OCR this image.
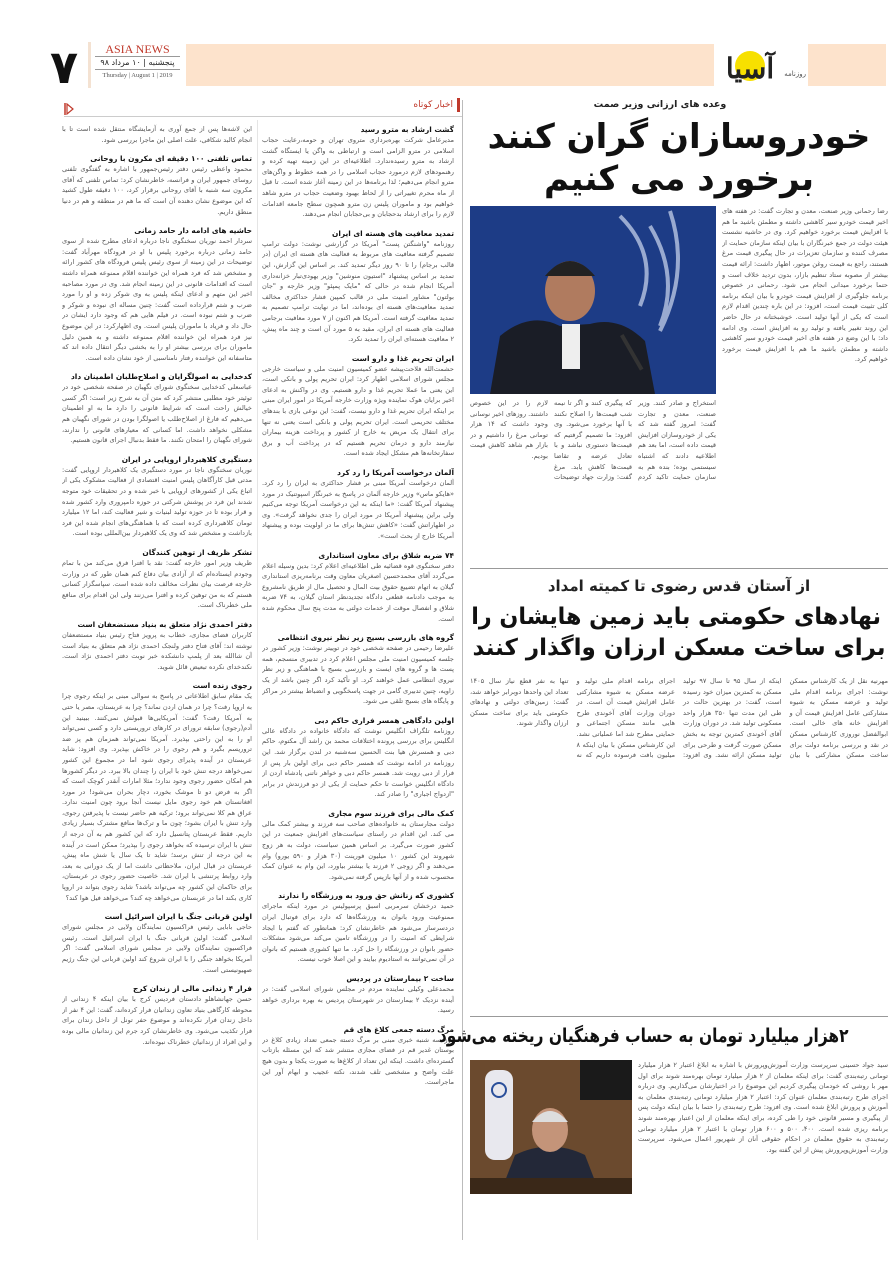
۷	ASIA NEWS
پنجشنبه | ۱۰ مرداد ۹۸
Thursday | August 1 | 2019	آسیا	روزنامه
اخبار کوتاه
گشت ارشاد به مترو رسید

مدیرعامل شرکت بهره‌برداری متروی تهران و حومه،رعایت حجاب اسلامی در مترو الزامی است و ارتباطی به واگن یا ایستگاه گشت ارشاد به مترو رسیده‌ندارد. اطلاعیه‌ای در این زمینه تهیه کرده و رهنمودهای لازم درمورد حجاب اسلامی را در همه خطوط و واگن‌های مترو انجام می‌دهیم؛ لذا برنامه‌ها در این زمینه آغاز شده است. تا قبل از ماه محرم تغییراتی را از لحاظ بهبود وضعیت حجاب در مترو شاهد خواهیم بود و ماموران پلیس زن مترو همچون سطح جامعه اقدامات لازم را برای ارشاد بدحجابان و بی‌حجابان انجام می‌دهند.

تمدید معافیت های هسته ای ایران

روزنامه "واشنگتن پست" آمریکا در گزارشی نوشت: دولت ترامپ تصمیم گرفته معافیت های مربوط به فعالیت های هسته ای ایران (در قالب برجام) را تا ۹۰ روز دیگر تمدید کند. بر اساس این گزارش، این تمدید بر اساس پیشنهاد "استیون منوشین" وزیر یهودی‌تبار خزانه‌داری آمریکا انجام شده در حالی که "مایک پمپئو" وزیر خارجه و "جان بولتون" مشاور امنیت ملی در قالب کمپین فشار حداکثری مخالف تمدید معافیت‌های هسته ای بوده‌اند، اما در نهایت ترامپ تصمیم به تمدید معافیت گرفته است. آمریکا هم اکنون از ۷ مورد معافیت برجامی فعالیت های هسته ای ایران، مقید به ۵ مورد آن است و چند ماه پیش، ۲ معافیت هسته‌ای ایران را تمدید نکرد.

ایران تحریم غذا و دارو است

حشمت‌الله فلاحت‌پیشه عضو کمیسیون امنیت ملی و سیاست خارجی مجلس شورای اسلامی اظهار کرد: ایران تحریم پولی و بانکی است، این یعنی ما عملا تحریم غذا و دارو هستیم. وی در واکنش به ادعای اخیر برایان هوک نماینده ویژه وزارت خارجه آمریکا در امور ایران مبنی بر اینکه ایران تحریم غذا و دارو نیست، گفت: این نوعی بازی با بندهای مختلف تحریمی است. ایران تحریم پولی و بانکی است یعنی نه تنها برای انتقال یک مریض به خارج از کشور و پرداخت هزینه بیماران نیازمند دارو و درمان تحریم هستیم که در پرداخت آب و برق سفارتخانه‌ها هم مشکل ایجاد شده است.

آلمان درخواست آمریکا را رد کرد

آلمان درخواست آمریکا مبنی بر فشار حداکثری به ایران را رد کرد. «هایکو ماس» وزیر خارجه آلمان در پاسخ به خبرنگار اسپوتنیک در مورد پیشنهاد آمریکا گفت: «ما اینکه به این درخواست آمریکا توجه می‌کنیم ولی براین پیشنهاد آمریکا در مورد ایران را جدی نخواهد گرفت». وی در اظهاراتش گفت: «کاهش تنش‌ها برای ما در اولویت بوده و پیشنهاد آمریکا خارج از بحث است».

۷۴ ضربه شلاق برای معاون استانداری

دفتر سخنگوی قوه قضائیه طی اطلاعیه‌ای اعلام کرد: بدین وسیله اعلام می‌گردد آقای محمدحسین اصغریان معاون وقت برنامه‌ریزی استانداری گیلان به اتهام تضییع حقوق بیت المال و تحصیل مال از طریق نامشروع به موجب دادنامه قطعی دادگاه تجدیدنظر استان گیلان، به ۷۴ ضربه شلاق و انفصال موقت از خدمات دولتی به مدت پنج سال محکوم شده است.

گروه های بازرسی بسیج زیر نظر نیروی انتظامی

علیرضا رحیمی در صفحه شخصی خود در توییتر نوشت: وزیر کشور در جلسه کمیسیون امنیت ملی مجلس اعلام کرد در تدبیری منسجم، همه پست ها و گروه های ایست و بازرسی بسیج با هماهنگی و زیر نظر نیروی انتظامی عمل خواهند کرد. او تأکید کرد اگر چنین باشد از یک زاویه، چنین تدبیری گامی در جهت پاسخگویی و انضباط بیشتر در مراکز و پایگاه های بسیج تلقی می شود.

اولین دادگاهی همسر فراری حاکم دبی

روزنامه تلگراف انگلیس نوشت که دادگاه خانواده در دادگاه عالی انگلیس برای بررسی پرونده اختلافات محمد بن راشد آل مکتوم، حاکم دبی و همسرش هیا بنت الحسین سه‌شنبه در لندن برگزار شد. این روزنامه در ادامه نوشت که همسر حاکم دبی برای اولین بار پس از فرار از دبی رویت شد. همسر حاکم دبی و خواهر ناتنی پادشاه اردن از دادگاه انگلیس خواست تا حکم حمایت از یکی از دو فرزندش در برابر "ازدواج اجباری" را صادر کند.

کمک مالی برای فرزند سوم مجاری

دولت مجارستان به خانواده‌های صاحب سه فرزند و بیشتر کمک مالی می کند. این اقدام در راستای سیاست‌های افزایش جمعیت در این کشور صورت می‌گیرد. بر اساس همین سیاست، دولت به هر زوج شهروند این کشور ۱۰ میلیون فورینت (۳۰ هزار و ۵۹۰ یورو) وام می‌دهند و اگر زوجی ۲ فرزند یا بیشتر بیاورد، این وام به عنوان کمک محسوب شده و از آنها بازپس گرفته نمی‌شود.

کشوری که زنانش حق ورود به ورزشگاه را ندارند

حمید درخشان سرمربی اسبق پرسپولیس در مورد اینکه ماجرای ممنوعیت ورود بانوان به ورزشگاه‌ها که دارد برای فوتبال ایران دردسرساز می‌شود هم خاطرنشان کرد: همانطور که گفتم با ایجاد شرایطی که امنیت را در ورزشگاه تامین می‌کند می‌شود مشکلات حضور بانوان در ورزشگاه را حل کرد. ما تنها کشوری هستیم که بانوان در آن نمی‌توانند به استادیوم بیایند و این اصلا خوب نیست.

ساخت ۲ بیمارستان در پردیس

محمدعلی وکیلی نماینده مردم در مجلس شورای اسلامی گفت: در آینده نزدیک ۲ بیمارستان در شهرستان پردیس به بهره برداری خواهد رسید.

مرگ دسته جمعی کلاغ های قم

روز سه شنبه خبری مبنی بر مرگ دسته جمعی تعداد زیادی کلاغ در بوستان غدیر قم در فضای مجازی منتشر شد که این مسئله بازتاب گسترده‌ای داشت. اینکه این تعداد از کلاغ‌ها به صورت یکجا و بدون هیچ علت واضح و مشخصی تلف شدند، نکته عجیب و ابهام آور این ماجراست.

این لاشه‌ها پس از جمع آوری به آزمایشگاه منتقل شده است تا با انجام کالبد شکافی، علت اصلی این ماجرا بررسی شود.

تماس تلفنی ۱۰۰ دقیقه ای مکرون با روحانی

محمود واعظی رئیس دفتر رئیس‌جمهور با اشاره به گفتگوی تلفنی روسای جمهور ایران و فرانسه، خاطرنشان کرد: تماس تلفنی که آقای مکرون سه شنبه با آقای روحانی برقرار کرد، ۱۰۰ دقیقه طول کشید که این موضوع نشان دهنده آن است که ما هم در منطقه و هم در دنیا منطق داریم.

حاشیه های ادامه دار حامد زمانی

سردار احمد نوریان سخنگوی ناجا درباره ادعای مطرح شده از سوی حامد زمانی درباره برخورد پلیس با او در فرودگاه مهرآباد گفت: توضیحات در این زمینه از سوی رئیس پلیس فرودگاه های کشور ارائه و مشخص شد که فرد همراه این خواننده اقلام ممنوعه همراه داشته است که اقدامات قانونی در این زمینه انجام شد. وی در مورد مصاحبه اخیر این متهم و ادعای اینکه پلیس به وی شوکر زده و او را مورد ضرب و شتم قرارداده است گفت: چنین مساله ای نبوده و شوکر و ضرب و شتم نبوده است. در فیلم هایی هم که وجود دارد ایشان در حال داد و فریاد با ماموران پلیس است. وی اظهارکرد: در این موضوع نیز فرد همراه این خواننده اقلام ممنوعه داشته و به همین دلیل ماموران برای بررسی بیشتر او را به بخشی دیگر انتقال داده اند که متاسفانه این خواننده رفتار نامناسبی از خود نشان داده است.

کدخدایی به اصولگرایان و اصلاح‌طلبان اطمینان داد

عباسعلی کدخدایی سخنگوی شورای نگهبان در صفحه شخصی خود در توئیتر خود مطلبی منتشر کرد که متن آن به شرح زیر است: اگر کسی خیالش راحت است که شرایط قانونی را دارد ما به او اطمینان می‌دهیم که فارغ از اصلاح‌طلب یا اصولگرا بودن در شورای نگهبان هم مشکلی نخواهد داشت. اما کسانی که معیارهای قانونی را ندارند، شورای نگهبان را امتحان نکنند. ما فقط بدنبال اجرای قانون هستیم.

دستگیری کلاهبردار اروپایی در ایران

نوریان سخنگوی ناجا در مورد دستگیری یک کلاهبردار اروپایی گفت: مدتی قبل کارآگاهان پلیس امنیت اقتصادی از فعالیت مشکوک یکی از اتباع یکی از کشورهای اروپایی با خبر شده و در تحقیقات خود متوجه شدند این فرد در پوشش شرکتی در حوزه دامپروری وارد کشور شده و قرار بوده تا در حوزه تولید لبنیات و شیر فعالیت کند، اما ۱۲ میلیارد تومان کلاهبرداری کرده است که با هماهنگی‌های انجام شده این فرد بازداشت و مشخص شد که وی یک کلاهبردار بین‌المللی بوده است.

تشکر ظریف از توهین کنندگان

ظریف وزیر امور خارجه گفت: نقد با افترا فرق می‌کند من با تمام وجودم ایستاده‌ام که از آزادی بیان دفاع کنم همان طور که در وزارت خارجه فرصت بیان نظرات مخالف داده شده است. سپاسگزار کسانی هستم که به من توهین کرده و افترا می‌زنند ولی این اقدام برای منافع ملی خطرناک است.

دفتر احمدی نژاد متعلق به بنیاد مستضعفان است

کاربران فضای مجازی، خطاب به پرویز فتاح رئیس بنیاد مستضعفان نوشته اند: آقای فتاح دفتر ولنجک احمدی نژاد هم متعلق به بنیاد است آن شاالله بعد از پلمپ دانشکده خبر نوبت دفتر احمدی نژاد است. نکندخدای نکرده تبعیض قائل شوید.

رجوی زنده است

یک مقام سابق اطلاعاتی در پاسخ به سوالی مبنی بر اینکه رجوی چرا به اروپا رفت؟ چرا در همان اردن نماند؟ چرا به عربستان، مصر یا حتی به آمریکا رفت؟ گفت: آمریکایی‌ها قبولش نمی‌کنند. ببینید این آدم(رجوی) سابقه ترورای در کارهای تروریستی دارد و کسی نمی‌تواند او را به این راحتی بپذیرد. آمریکا نمی‌تواند همزمان هم پز ضد تروریسم بگیرد و هم رجوی را در خاکش بپذیرد. وی افزود: شاید عربستان در آینده پذیرای رجوی شود اما در مجموع این کشور نمی‌خواهد درجه تنش خود با ایران را چندان بالا ببرد. در دیگر کشورها هم امکان حضور رجوی وجود ندارد؛ مثلا امارات آنقدر کوچک است که اگر به فرض دو تا موشک بخورد، دچار بحران می‌شود! در مورد افغانستان هم خود رجوی مایل نیست آنجا برود چون امنیت ندارد. عراق هم کلا نمی‌تواند برود؛ ترکیه هم حاضر نیست با پذیرفتن رجوی، وارد تنش با ایران بشود؛ چون ما و ترک‌ها منافع مشترک بسیار زیادی داریم. فقط عربستان پتانسیل دارد که این کشور هم به آن درجه از تنش با ایران نرسیده که بخواهد رجوی را بپذیرد؛ ممکن است در آینده به این درجه از تنش برسد؛ شاید تا یک سال یا شش ماه پیش، عربستان در قبال ایران، ملاحظاتی داشت اما از یک دورانی به بعد، وارد روابط پرتنشی با ایران شد. خاصیت حضور رجوی در عربستان، برای حاکمان این کشور چه می‌تواند باشد؟ شاید رجوی بتواند در اروپا کاری بکند اما در عربستان می‌خواهد چه کند؟ می‌خواهد فیل هوا کند؟

اولین قربانی جنگ با ایران اسرائیل است

حاجی بابایی رئیس فراکسیون نمایندگان ولایی در مجلس شورای اسلامی گفت: اولین قربانی جنگ با ایران اسرائیل است. رئیس فراکسیون نمایندگان ولایی در مجلس شورای اسلامی گفت: اگر آمریکا بخواهد جنگی را با ایران شروع کند اولین قربانی این جنگ رژیم صهیونیستی است.

فرار ۴ زندانی مالی از زندان کرج

حسن جهانشاهلو دادستان فردیس کرج با بیان اینکه ۴ زندانی از محوطه کارگاهی بنیاد تعاون زندانیان فرار کرده‌اند، گفت: این ۴ نفر از داخل زندان فرار نکرده‌اند و موضوع حفر تونل از داخل زندان برای فرار تکذیب می‌شود. وی خاطرنشان کرد جرم این زندانیان مالی بوده و این افراد از زندانیان خطرناک نبوده‌اند.

وعده های ارزانی وزیر صمت
خودروسازان گران کنند
برخورد می کنیم
رضا رحمانی وزیر صنعت، معدن و تجارت گفت: در هفته های اخیر قیمت خودرو سیر کاهشی داشته و مطمئن باشید ما هم با افزایش قیمت برخورد خواهیم کرد. وی در حاشیه نشست هیئت دولت در جمع خبرنگاران با بیان اینکه سازمان حمایت از مصرف کننده و سازمان تعزیرات در حال پیگیری قیمت مرغ هستند، راجع به قیمت روغن موتور، اظهار داشت: ارائه قیمت بیشتر از مصوبه ستاد تنظیم بازار، بدون تردید خلاف است و حتما برخورد میدانی انجام می شود. رحمانی در خصوص برنامه جلوگیری از افزایش قیمت خودرو با بیان اینکه برنامه کلی تثبیت قیمت است، افزود: در این باره چندین اقدام لازم است که یکی از آنها تولید است. خوشبختانه در حال حاضر این روند تغییر یافته و تولید رو به افزایش است. وی ادامه داد: با این وضع در هفته های اخیر قیمت خودرو سیر کاهشی داشته و مطمئن باشید ما هم با افزایش قیمت برخورد خواهیم کرد.
استخراج و صادر کنند. وزیر صنعت، معدن و تجارت گفت: امروز گفته شد که یکی از خودروسازان افزایش قیمت داده است، اما بعد هم اطلاعیه دادند که اشتباه سیستمی بوده؛ بنده هم به سازمان حمایت تاکید کردم که پیگیری کنند و اگر تا نیمه شب قیمت‌ها را اصلاح نکنند با آنها برخورد می‌شود. وی افزود: ما تصمیم گرفتیم که قیمت‌ها دستوری نباشد و با تعادل عرضه و تقاضا قیمت‌ها کاهش یابد. مرغ گفت: وزارت جهاد توضیحات لازم را در این خصوص داشتند. روزهای اخیر نوسانی وجود داشت که ۱۴ هزار تومانی مرغ را داشتیم و در بازار هم شاهد کاهش قیمت بودیم.
از آستان قدس رضوی تا کمیته امداد
نهادهای حکومتی باید زمین هایشان را
برای ساخت مسکن ارزان واگذار کنند
مهرنیه نقل از یک کارشناس مسکن نوشت: اجرای برنامه اقدام ملی تولید و عرضه مسکن به شیوه مشارکتی عامل افزایش قیمت آن و افزایش خانه های خالی است. ابوالفضل نوروزی کارشناس مسکن در نقد و بررسی برنامه دولت برای ساخت مسکن مشارکتی با بیان اینکه از سال ۹۵ تا سال ۹۷ تولید مسکن به کمترین میزان خود رسیده است، گفت: در بهترین حالت در طی این مدت تنها ۳۵۰ هزار واحد مسکونی تولید شد. در دوران وزارت آقای آخوندی کمترین توجه به بخش مسکن صورت گرفت و طرحی برای تولید مسکن ارائه نشد. وی افزود: اجرای برنامه اقدام ملی تولید و عرضه مسکن به شیوه مشارکتی عامل افزایش قیمت آن است. در دوران وزارت آقای آخوندی طرح هایی مانند مسکن اجتماعی و حمایتی مطرح شد اما عملیاتی نشد. این کارشناس مسکن با بیان اینکه ۸ میلیون بافت فرسوده داریم که نه تنها به نفر قطع نیاز سال ۱۴۰۵ تعداد این واحدها دوبرابر خواهد شد، گفت: زمین‌های دولتی و نهادهای حکومتی باید برای ساخت مسکن ارزان واگذار شوند.
۲هزار میلیارد تومان به حساب فرهنگیان ریخته می‌شود
سید جواد حسینی سرپرست وزارت آموزش‌وپرورش با اشاره به ابلاغ اعتبار ۲ هزار میلیارد تومانی رتبه‌بندی گفت: برای اینکه معلمان از ۲ هزار میلیارد تومان بهره‌مند شوند برای اول مهر با روشی که خودمان پیگیری کردیم این موضوع را در اختیارشان می‌گذاریم. وی درباره اجرای طرح رتبه‌بندی معلمان عنوان کرد: اعتبار ۲ هزار میلیارد تومانی رتبه‌بندی معلمان به آموزش و پرورش ابلاغ شده است. وی افزود: طرح رتبه‌بندی را حتما با بیان اینکه دولت پس از پیگیری و مسیر قانونی خود را طی کرده، برای اینکه معلمان از این اعتبار بهره‌مند شوند برنامه ریزی شده است. ۴۰۰، ۵۰۰ و ۶۰۰ هزار تومان با اعتبار ۲ هزار میلیارد تومانی رتبه‌بندی به حقوق معلمان در احکام حقوقی آنان از شهریور اعمال می‌شود. سرپرست وزارت آموزش‌وپرورش پیش از این گفته بود.
